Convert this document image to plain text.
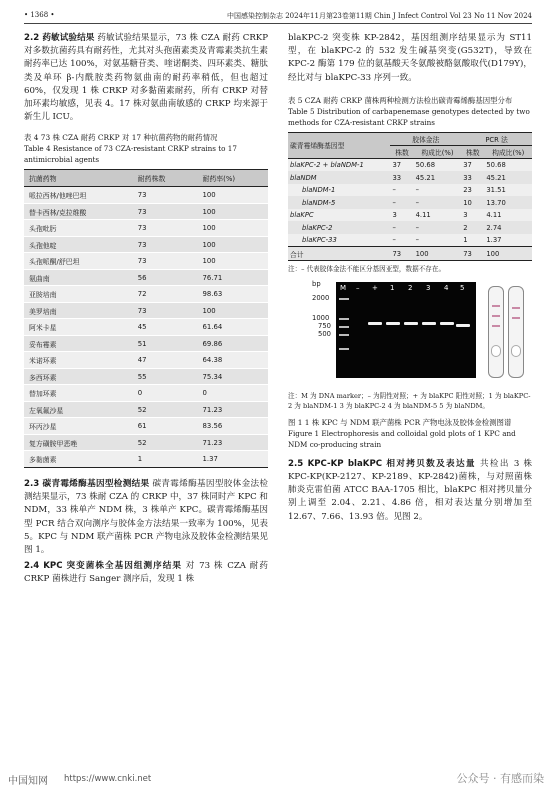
• 1368 •	中国感染控制杂志 2024年11月第23卷第11期 Chin J Infect Control Vol 23 No 11 Nov 2024

2.2 药敏试验结果 药敏试验结果显示，73 株 CZA 耐药 CRKP 对多数抗菌药具有耐药性，尤其对头孢菌素类及青霉素类抗生素耐药率已达 100%，对氨基糖苷类、喹诺酮类、四环素类、糖肽类及单环 β-内酰胺类药物氨曲南的耐药率稍低，但也超过 60%，仅发现 1 株 CRKP 对多黏菌素耐药，所有 CRKP 对替加环素均敏感，见表 4。17 株对氨曲南敏感的 CRKP 均来源于新生儿 ICU。

表 4 73 株 CZA 耐药 CRKP 对 17 种抗菌药物的耐药情况

Table 4 Resistance of 73 CZA-resistant CRKP strains to 17 antimicrobial agents

抗菌药物	耐药株数	耐药率(%)
哌拉西林/他唑巴坦	73	100
替卡西林/克拉维酸	73	100
头孢吡肟	73	100
头孢他啶	73	100
头孢哌酮/舒巴坦	73	100
氨曲南	56	76.71
亚胺培南	72	98.63
美罗培南	73	100
阿米卡星	45	61.64
妥布霉素	51	69.86
米诺环素	47	64.38
多西环素	55	75.34
替加环素	0	0
左氧氟沙星	52	71.23
环丙沙星	61	83.56
复方磺胺甲恶唑	52	71.23
多黏菌素	1	1.37

2.3 碳青霉烯酶基因型检测结果 碳青霉烯酶基因型胶体金法检测结果显示，73 株耐 CZA 的 CRKP 中，37 株同时产 KPC 和 NDM，33 株单产 NDM 株，3 株单产 KPC。碳青霉烯酶基因型 PCR 结合双向测序与胶体金方法结果一致率为 100%，见表 5。KPC 与 NDM 联产菌株 PCR 产物电泳及胶体金检测结果见图 1。

2.4 KPC 突变菌株全基因组测序结果 对 73 株 CZA 耐药 CRKP 菌株进行 Sanger 测序后，发现 1 株

blaKPC-2 突变株 KP-2842，基因组测序结果显示为 ST11 型，在 blaKPC-2 的 532 发生碱基突变(G532T)，导致在 KPC-2 酶第 179 位的氨基酸天冬氨酸被酪氨酸取代(D179Y)，经比对与 blaKPC-33 序列一致。

表 5 CZA 耐药 CRKP 菌株两种检测方法检出碳青霉烯酶基因型分布

Table 5 Distribution of carbapenemase genotypes detected by two methods for CZA-resistant CRKP strains

碳青霉烯酶基因型	胶体金法		PCR 法	
	株数	构成比(%)	株数	构成比(%)
blaKPC-2 + blaNDM-1	37	50.68	37	50.68
blaNDM	33	45.21	33	45.21
blaNDM-1	–	–	23	31.51
blaNDM-5	–	–	10	13.70
blaKPC	3	4.11	3	4.11
blaKPC-2	–	–	2	2.74
blaKPC-33	–	–	1	1.37
合计	73	100	73	100

注：– 代表胶体金法不能区分基因亚型，数据不存在。

bp
2000
1000
750
500
M – + 1 2 3 4 5

注：M 为 DNA marker；– 为阴性对照；+ 为 blaKPC 阳性对照；1 为 blaKPC-2 为 blaNDM-1 3 为 blaKPC-2 4 为 blaNDM-5 5 为 blaNDM。

图 1 1 株 KPC 与 NDM 联产菌株 PCR 产物电泳及胶体金检测图谱

Figure 1 Electrophoresis and colloidal gold plots of 1 KPC and NDM co-producing strain

2.5 KPC-KP blaKPC 相对拷贝数及表达量 共检出 3 株 KPC-KP(KP-2127、KP-2189、KP-2842)菌株，与对照菌株肺炎克雷伯菌 ATCC BAA-1705 相比，blaKPC 相对拷贝量分别上调至 2.04、2.21、4.86 倍，相对表达量分别增加至 12.67、7.66、13.93 倍。见图 2。

中国知网 https://www.cnki.net	公众号 · 有感而染
